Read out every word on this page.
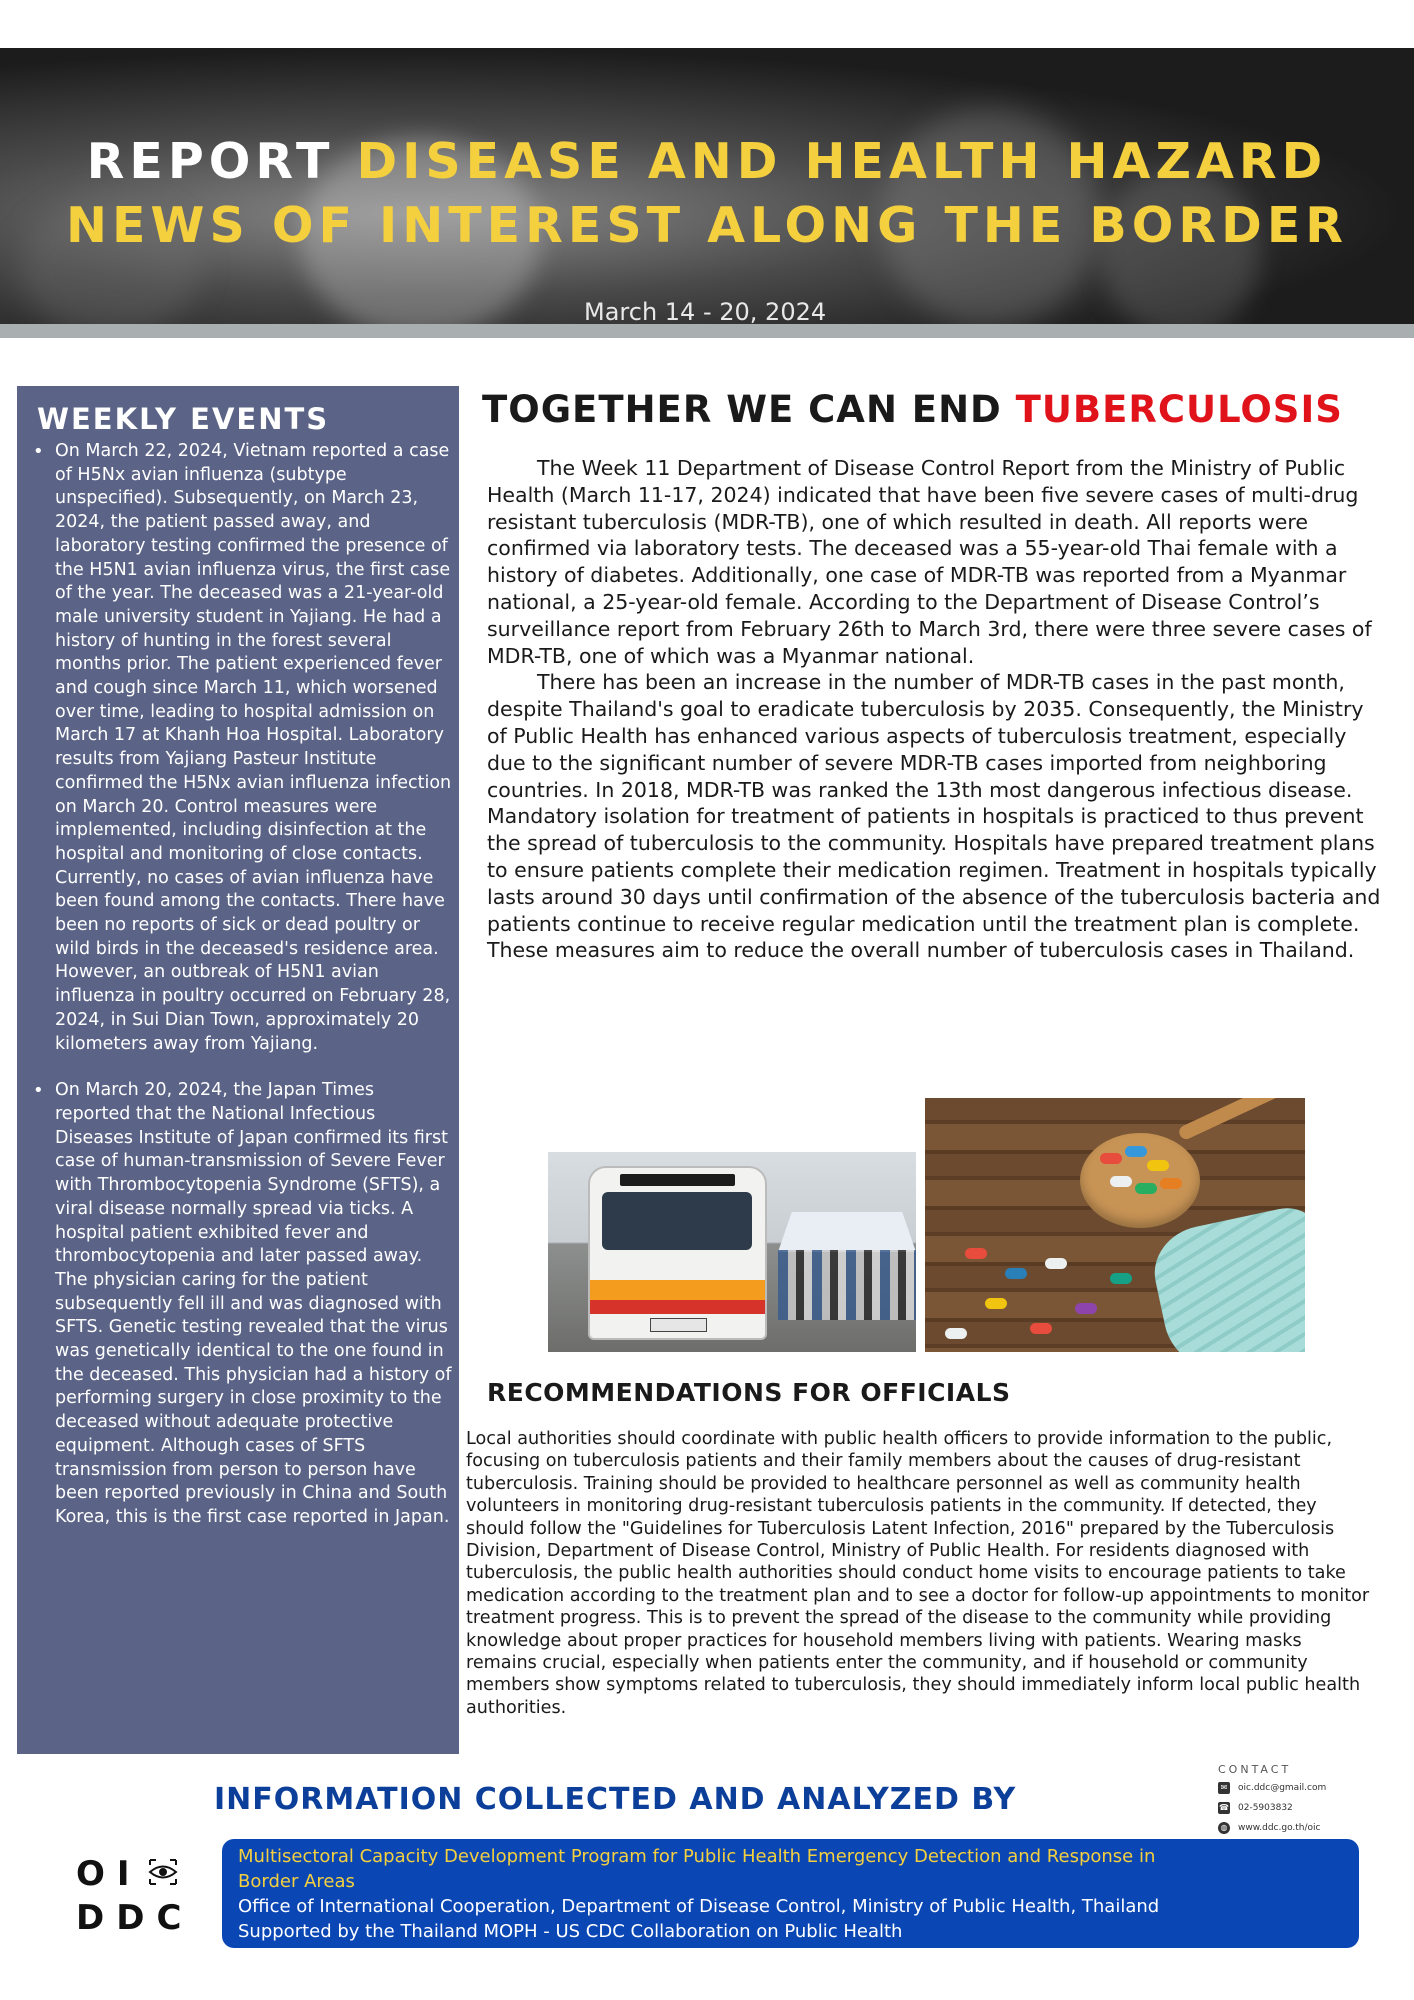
REPORT DISEASE AND HEALTH HAZARD
NEWS OF INTEREST ALONG THE BORDER
March 14 - 20, 2024
WEEKLY EVENTS
• On March 22, 2024, Vietnam reported a case of H5Nx avian influenza (subtype unspecified). Subsequently, on March 23, 2024, the patient passed away, and laboratory testing confirmed the presence of the H5N1 avian influenza virus, the first case of the year. The deceased was a 21-year-old male university student in Yajiang. He had a history of hunting in the forest several months prior. The patient experienced fever and cough since March 11, which worsened over time, leading to hospital admission on March 17 at Khanh Hoa Hospital. Laboratory results from Yajiang Pasteur Institute confirmed the H5Nx avian influenza infection on March 20. Control measures were implemented, including disinfection at the hospital and monitoring of close contacts. Currently, no cases of avian influenza have been found among the contacts. There have been no reports of sick or dead poultry or wild birds in the deceased's residence area. However, an outbreak of H5N1 avian influenza in poultry occurred on February 28, 2024, in Sui Dian Town, approximately 20 kilometers away from Yajiang.
• On March 20, 2024, the Japan Times reported that the National Infectious Diseases Institute of Japan confirmed its first case of human-transmission of Severe Fever with Thrombocytopenia Syndrome (SFTS), a viral disease normally spread via ticks. A hospital patient exhibited fever and thrombocytopenia and later passed away. The physician caring for the patient subsequently fell ill and was diagnosed with SFTS. Genetic testing revealed that the virus was genetically identical to the one found in the deceased. This physician had a history of performing surgery in close proximity to the deceased without adequate protective equipment. Although cases of SFTS transmission from person to person have been reported previously in China and South Korea, this is the first case reported in Japan.
TOGETHER WE CAN END TUBERCULOSIS

The Week 11 Department of Disease Control Report from the Ministry of Public Health (March 11-17, 2024) indicated that have been five severe cases of multi-drug resistant tuberculosis (MDR-TB), one of which resulted in death. All reports were confirmed via laboratory tests. The deceased was a 55-year-old Thai female with a history of diabetes. Additionally, one case of MDR-TB was reported from a Myanmar national, a 25-year-old female. According to the Department of Disease Control’s surveillance report from February 26th to March 3rd, there were three severe cases of MDR-TB, one of which was a Myanmar national.

There has been an increase in the number of MDR-TB cases in the past month, despite Thailand's goal to eradicate tuberculosis by 2035. Consequently, the Ministry of Public Health has enhanced various aspects of tuberculosis treatment, especially due to the significant number of severe MDR-TB cases imported from neighboring countries. In 2018, MDR-TB was ranked the 13th most dangerous infectious disease. Mandatory isolation for treatment of patients in hospitals is practiced to thus prevent the spread of tuberculosis to the community. Hospitals have prepared treatment plans to ensure patients complete their medication regimen. Treatment in hospitals typically lasts around 30 days until confirmation of the absence of the tuberculosis bacteria and patients continue to receive regular medication until the treatment plan is complete. These measures aim to reduce the overall number of tuberculosis cases in Thailand.

RECOMMENDATIONS FOR OFFICIALS
Local authorities should coordinate with public health officers to provide information to the public, focusing on tuberculosis patients and their family members about the causes of drug-resistant tuberculosis. Training should be provided to healthcare personnel as well as community health volunteers in monitoring drug-resistant tuberculosis patients in the community. If detected, they should follow the "Guidelines for Tuberculosis Latent Infection, 2016" prepared by the Tuberculosis Division, Department of Disease Control, Ministry of Public Health. For residents diagnosed with tuberculosis, the public health authorities should conduct home visits to encourage patients to take medication according to the treatment plan and to see a doctor for follow-up appointments to monitor treatment progress. This is to prevent the spread of the disease to the community while providing knowledge about proper practices for household members living with patients. Wearing masks remains crucial, especially when patients enter the community, and if household or community members show symptoms related to tuberculosis, they should immediately inform local public health authorities.
CONTACT
✉ oic.ddc@gmail.com
☎ 02-5903832
◍ www.ddc.go.th/oic
INFORMATION COLLECTED AND ANALYZED BY
OI
DDC
Multisectoral Capacity Development Program for Public Health Emergency Detection and Response in
Border Areas
Office of International Cooperation, Department of Disease Control, Ministry of Public Health, Thailand
Supported by the Thailand MOPH - US CDC Collaboration on Public Health
